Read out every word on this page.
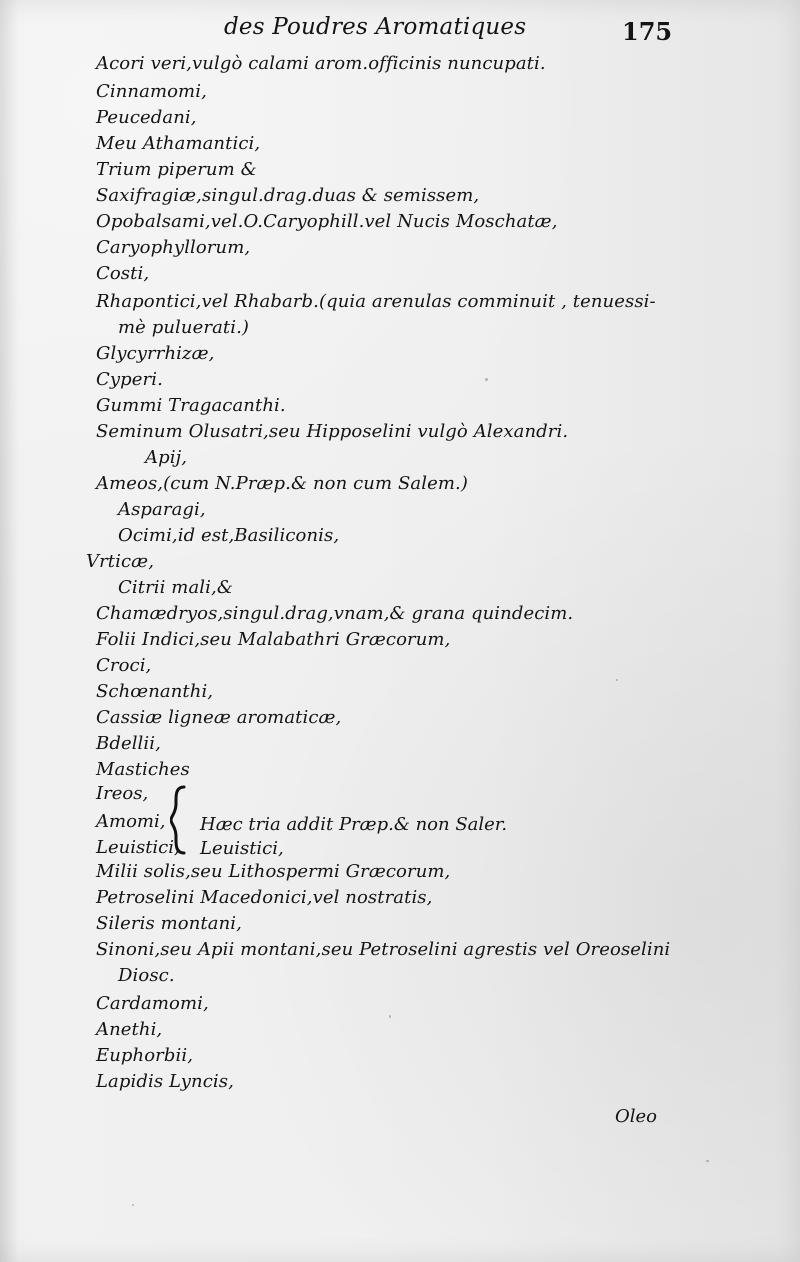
des Poudres Aromatiques	175
Acori veri,vulgò calami arom.officinis nuncupati.
Cinnamomi,
Peucedani,
Meu Athamantici,
Trium piperum &
Saxifragiæ,singul.drag.duas & semissem,
Opobalsami,vel.O.Caryophill.vel Nucis Moschatæ,
Caryophyllorum,
Costi,
Rhapontici,vel Rhabarb.(quia arenulas comminuit , tenuessi-
mè puluerati.)
Glycyrrhizæ,
Cyperi.
Gummi Tragacanthi.
Seminum Olusatri,seu Hipposelini vulgò Alexandri.
Apij,
Ameos,(cum N.Præp.& non cum Salem.)
Asparagi,
Ocimi,id est,Basiliconis,
Vrticæ,
Citrii mali,&
Chamædryos,singul.drag,vnam,& grana quindecim.
Folii Indici,seu Malabathri Græcorum,
Croci,
Schœnanthi,
Cassiæ ligneæ aromaticæ,
Bdellii,
Mastiches
Ireos,
Amomi,
Leuistici,
Hæc tria addit Præp.& non Saler.
Leuistici,
Milii solis,seu Lithospermi Græcorum,
Petroselini Macedonici,vel nostratis,
Sileris montani,
Sinoni,seu Apii montani,seu Petroselini agrestis vel Oreoselini
Diosc.
Cardamomi,
Anethi,
Euphorbii,
Lapidis Lyncis,
Oleo
